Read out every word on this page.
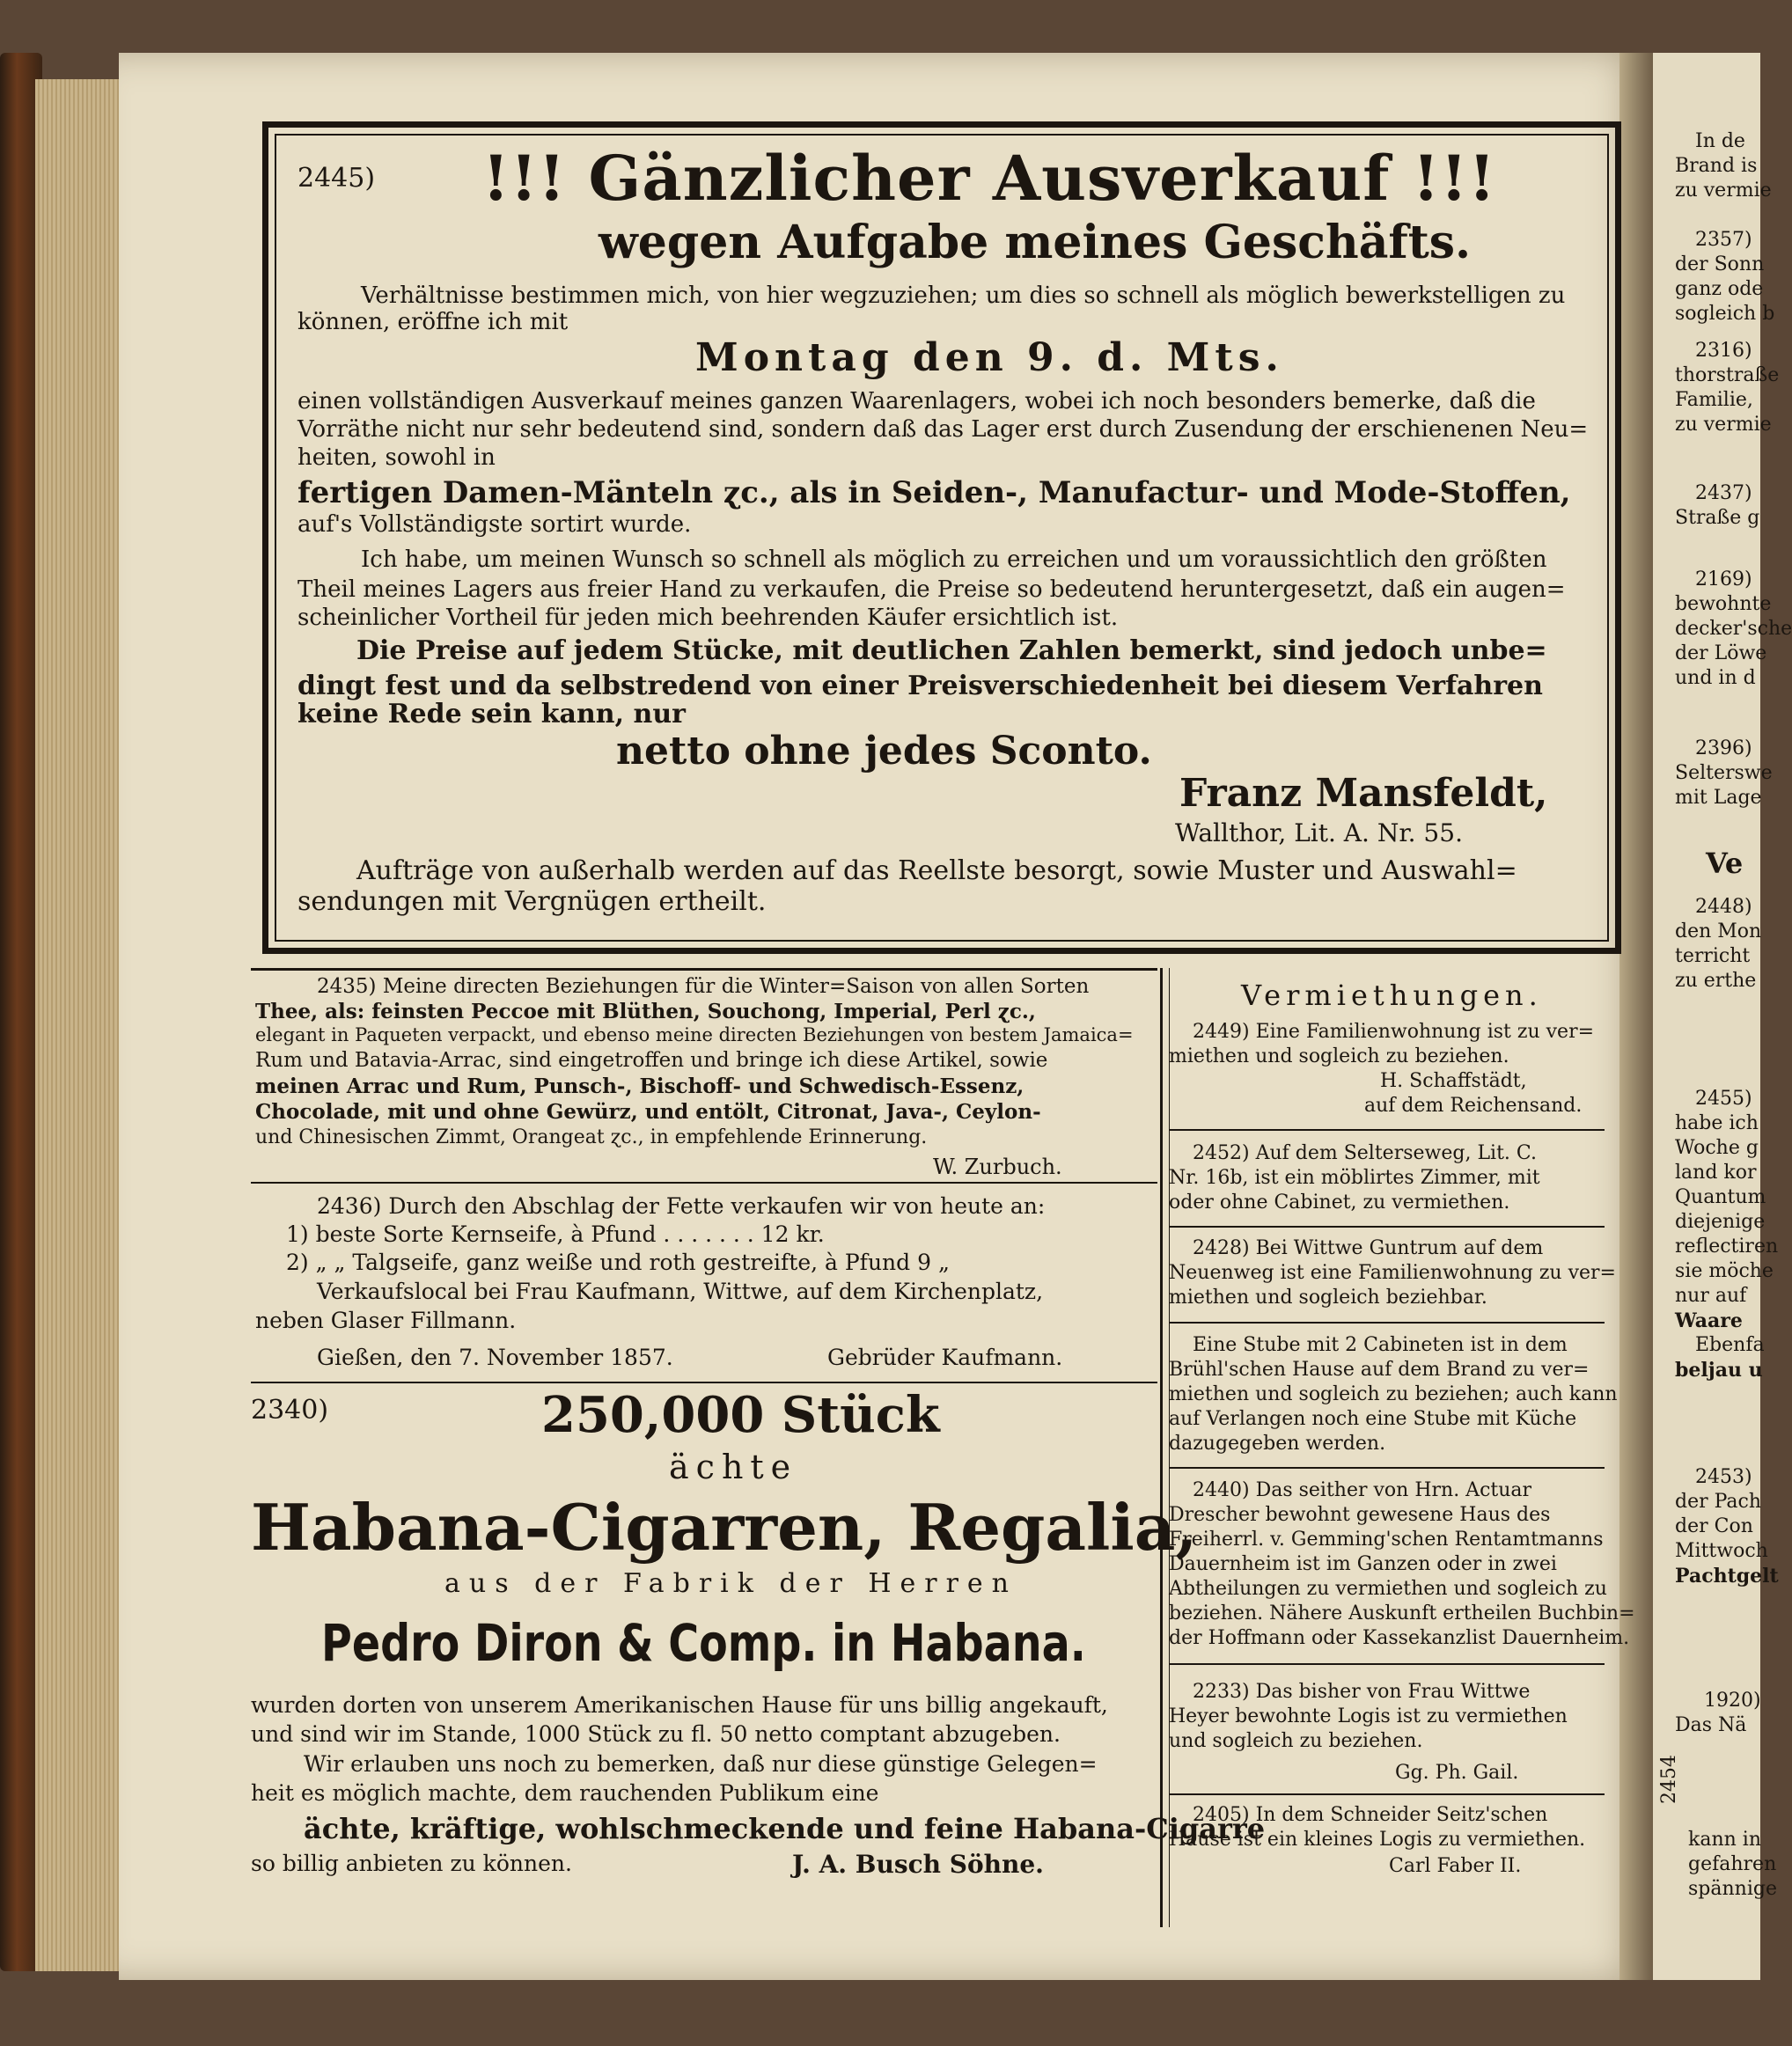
2445) !!! Gänzlicher Ausverkauf !!!
wegen Aufgabe meines Geschäfts.
Verhältnisse bestimmen mich, von hier wegzuziehen; um dies so schnell als möglich bewerkstelligen zu
können, eröffne ich mit
Montag den 9. d. Mts.
einen vollständigen Ausverkauf meines ganzen Waarenlagers, wobei ich noch besonders bemerke, daß die
Vorräthe nicht nur sehr bedeutend sind, sondern daß das Lager erst durch Zusendung der erschienenen Neu=
heiten, sowohl in
fertigen Damen-Mänteln ɀc., als in Seiden-, Manufactur- und Mode-Stoffen,
auf's Vollständigste sortirt wurde.
Ich habe, um meinen Wunsch so schnell als möglich zu erreichen und um voraussichtlich den größten
Theil meines Lagers aus freier Hand zu verkaufen, die Preise so bedeutend heruntergesetzt, daß ein augen=
scheinlicher Vortheil für jeden mich beehrenden Käufer ersichtlich ist.
Die Preise auf jedem Stücke, mit deutlichen Zahlen bemerkt, sind jedoch unbe=
dingt fest und da selbstredend von einer Preisverschiedenheit bei diesem Verfahren
keine Rede sein kann, nur
netto ohne jedes Sconto.
Franz Mansfeldt,
Wallthor, Lit. A. Nr. 55.
Aufträge von außerhalb werden auf das Reellste besorgt, sowie Muster und Auswahl=
sendungen mit Vergnügen ertheilt.
2435) Meine directen Beziehungen für die Winter=Saison von allen Sorten
Thee, als: feinsten Peccoe mit Blüthen, Souchong, Imperial, Perl ɀc.,
elegant in Paqueten verpackt, und ebenso meine directen Beziehungen von bestem Jamaica=
Rum und Batavia-Arrac, sind eingetroffen und bringe ich diese Artikel, sowie
meinen Arrac und Rum, Punsch-, Bischoff- und Schwedisch-Essenz,
Chocolade, mit und ohne Gewürz, und entölt, Citronat, Java-, Ceylon-
und Chinesischen Zimmt, Orangeat ɀc., in empfehlende Erinnerung.
W. Zurbuch.
2436) Durch den Abschlag der Fette verkaufen wir von heute an:
1) beste Sorte Kernseife, à Pfund . . . . . . . 12 kr.
2) „ „ Talgseife, ganz weiße und roth gestreifte, à Pfund 9 „
Verkaufslocal bei Frau Kaufmann, Wittwe, auf dem Kirchenplatz,
neben Glaser Fillmann.
Gießen, den 7. November 1857.	Gebrüder Kaufmann.
2340)	250,000 Stück
ächte
Habana-Cigarren, Regalia,
aus der Fabrik der Herren
Pedro Diron & Comp. in Habana.
wurden dorten von unserem Amerikanischen Hause für uns billig angekauft,
und sind wir im Stande, 1000 Stück zu fl. 50 netto comptant abzugeben.
Wir erlauben uns noch zu bemerken, daß nur diese günstige Gelegen=
heit es möglich machte, dem rauchenden Publikum eine
ächte, kräftige, wohlschmeckende und feine Habana-Cigarre
so billig anbieten zu können.	J. A. Busch Söhne.
Vermiethungen.
2449) Eine Familienwohnung ist zu ver=
miethen und sogleich zu beziehen.
H. Schaffstädt,
auf dem Reichensand.
2452) Auf dem Selterseweg, Lit. C.
Nr. 16b, ist ein möblirtes Zimmer, mit
oder ohne Cabinet, zu vermiethen.
2428) Bei Wittwe Guntrum auf dem
Neuenweg ist eine Familienwohnung zu ver=
miethen und sogleich beziehbar.
Eine Stube mit 2 Cabineten ist in dem
Brühl'schen Hause auf dem Brand zu ver=
miethen und sogleich zu beziehen; auch kann
auf Verlangen noch eine Stube mit Küche
dazugegeben werden.
2440) Das seither von Hrn. Actuar
Drescher bewohnt gewesene Haus des
Freiherrl. v. Gemming'schen Rentamtmanns
Dauernheim ist im Ganzen oder in zwei
Abtheilungen zu vermiethen und sogleich zu
beziehen. Nähere Auskunft ertheilen Buchbin=
der Hoffmann oder Kassekanzlist Dauernheim.
2233) Das bisher von Frau Wittwe
Heyer bewohnte Logis ist zu vermiethen
und sogleich zu beziehen.
Gg. Ph. Gail.
2405) In dem Schneider Seitz'schen
Hause ist ein kleines Logis zu vermiethen.
Carl Faber II.
In de
Brand is
zu vermie
2357)
der Sonn
ganz ode
sogleich b
2316)
thorstraße
Familie,
zu vermie
2437)
Straße g
2169)
bewohnte
decker'sche
der Löwe
und in d
2396)
Selterswe
mit Lage
Ve
2448)
den Mon
terricht
zu erthe
2455)
habe ich
Woche g
land kor
Quantum
diejenige
reflectiren
sie möche
nur auf
Waare
Ebenfa
beljau u
2453)
der Pach
der Con
Mittwoch
Pachtgelt
1920)
Das Nä
2454
kann in
gefahren
spännige
